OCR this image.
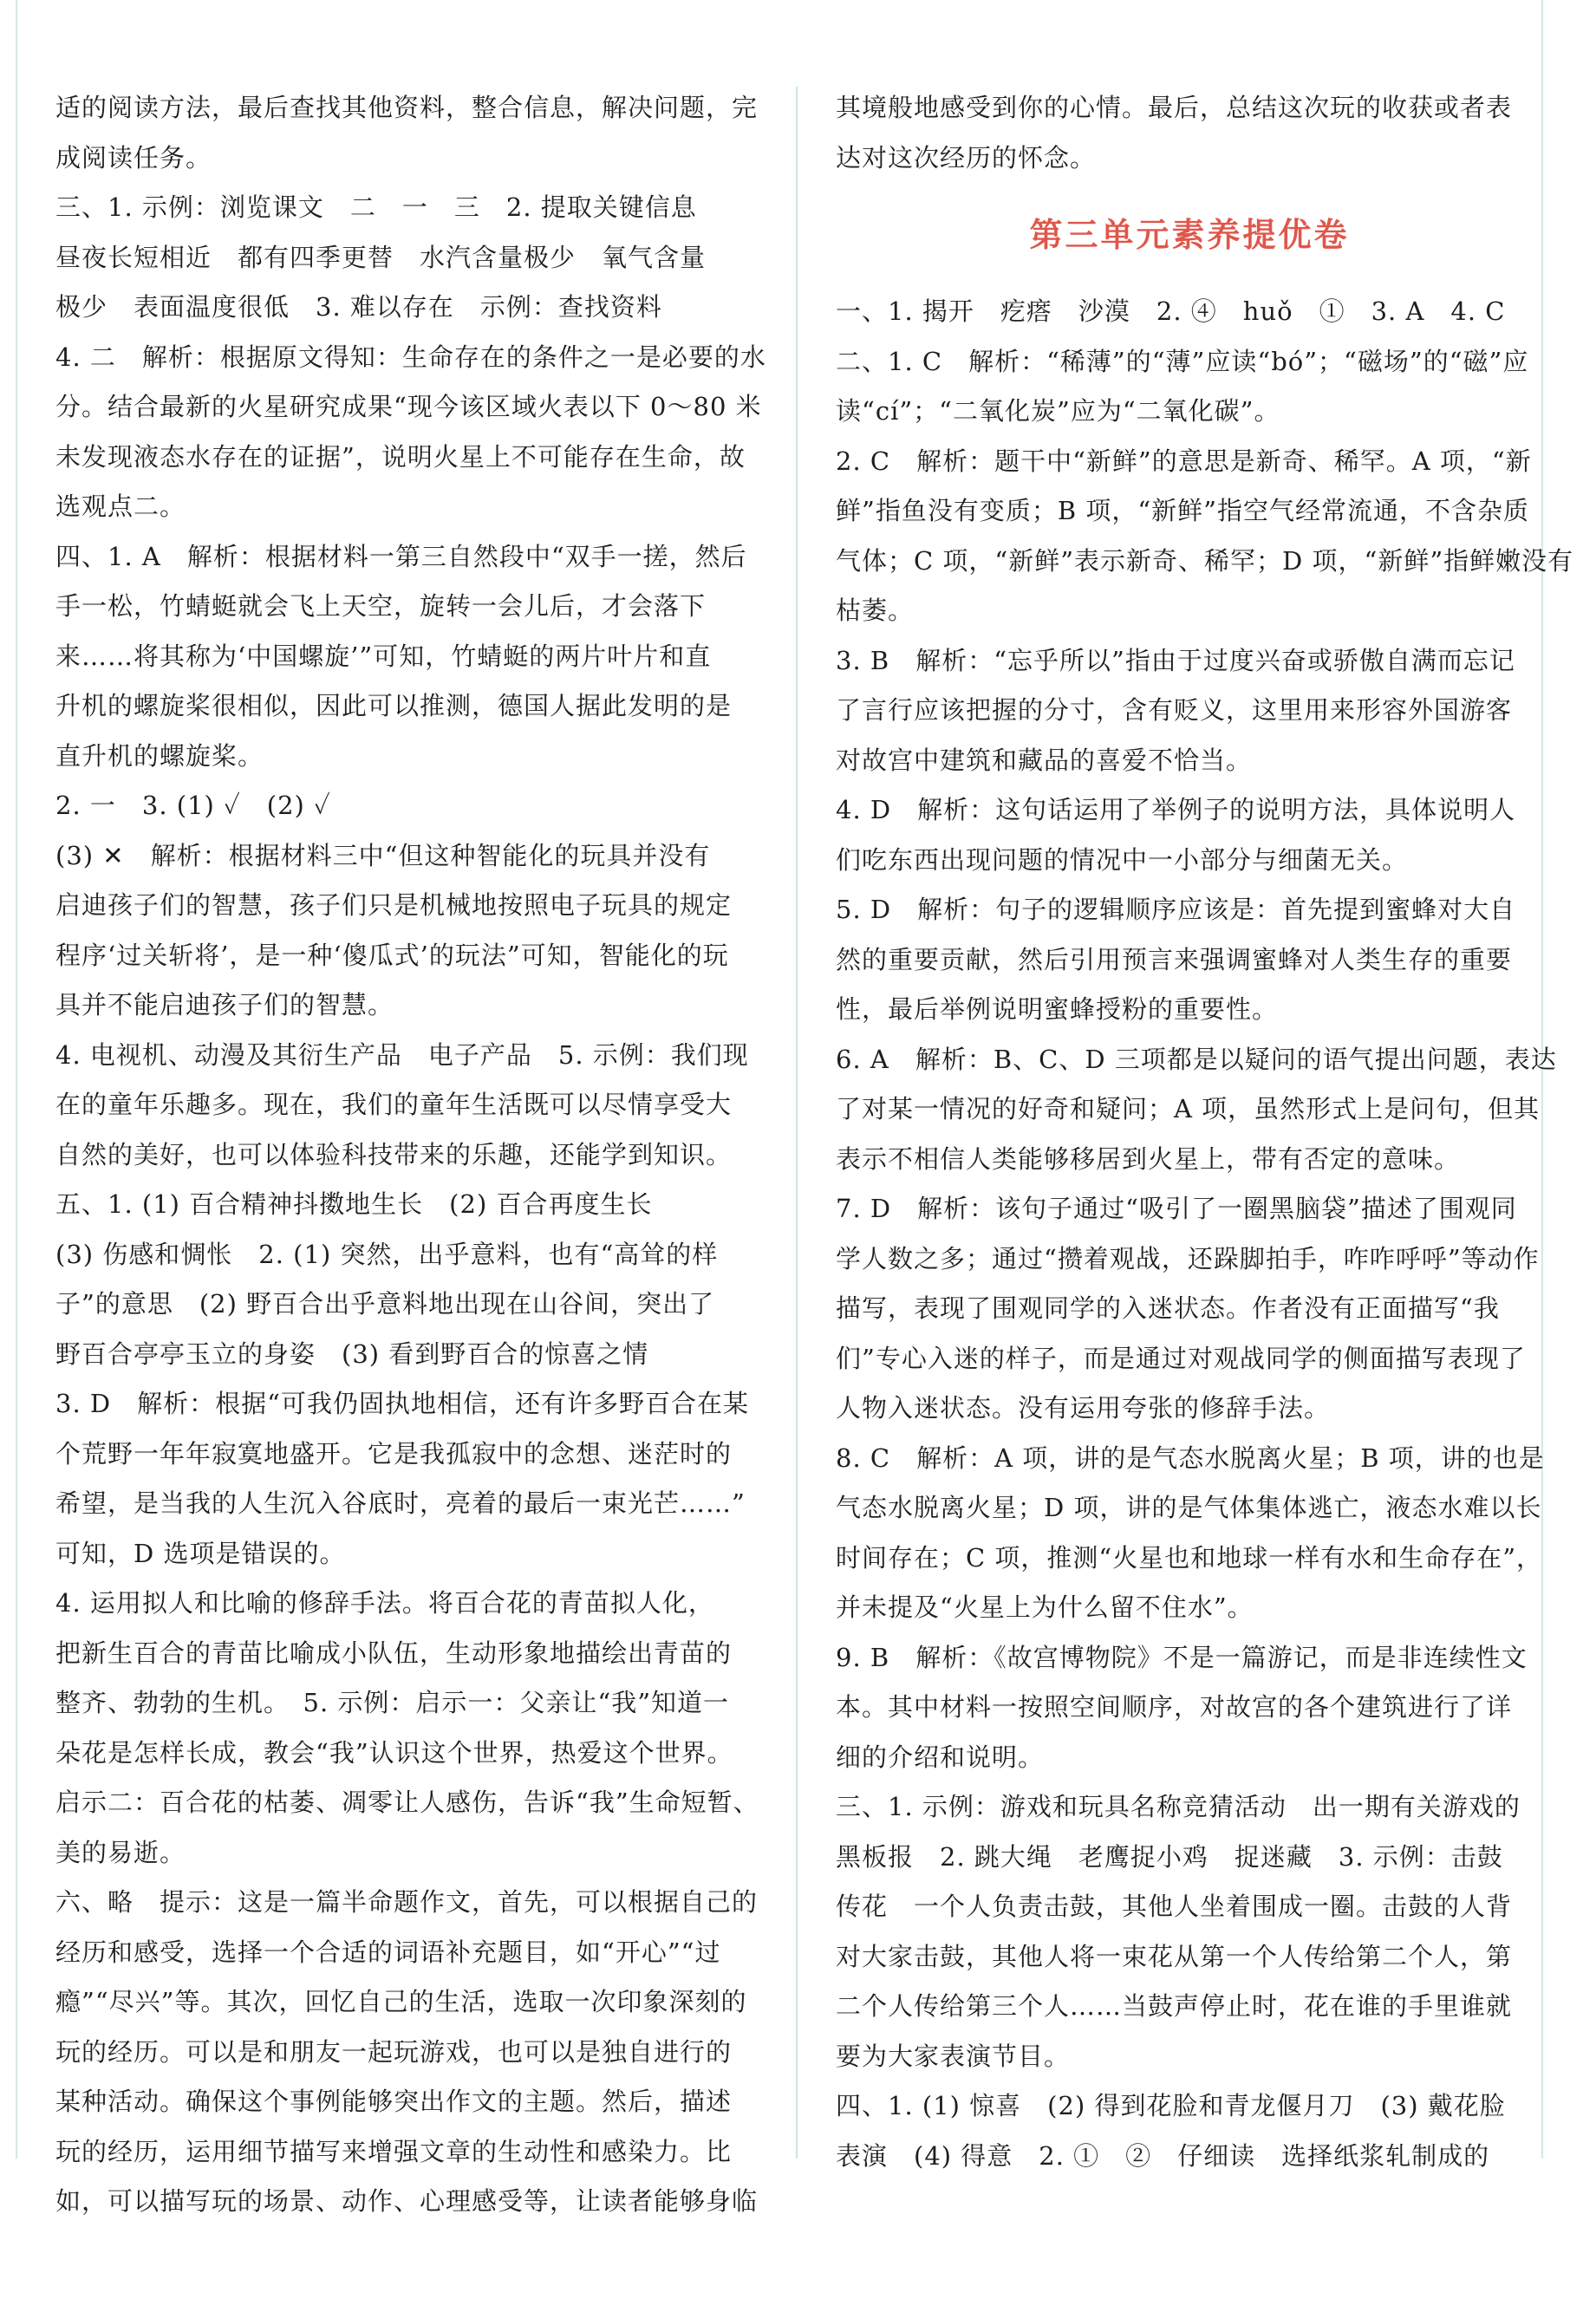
适的阅读方法，最后查找其他资料，整合信息，解决问题，完
成阅读任务。
三、1. 示例：浏览课文　二　一　三　2. 提取关键信息
昼夜长短相近　都有四季更替　水汽含量极少　氧气含量
极少　表面温度很低　3. 难以存在　示例：查找资料
4. 二　解析：根据原文得知：生命存在的条件之一是必要的水
分。结合最新的火星研究成果“现今该区域火表以下 0～80 米
未发现液态水存在的证据”，说明火星上不可能存在生命，故
选观点二。
四、1. A　解析：根据材料一第三自然段中“双手一搓，然后
手一松，竹蜻蜓就会飞上天空，旋转一会儿后，才会落下
来……将其称为‘中国螺旋’”可知，竹蜻蜓的两片叶片和直
升机的螺旋桨很相似，因此可以推测，德国人据此发明的是
直升机的螺旋桨。
2. 一　3. (1) ✓　(2) ✓
(3) ✕　解析：根据材料三中“但这种智能化的玩具并没有
启迪孩子们的智慧，孩子们只是机械地按照电子玩具的规定
程序‘过关斩将’，是一种‘傻瓜式’的玩法”可知，智能化的玩
具并不能启迪孩子们的智慧。
4. 电视机、动漫及其衍生产品　电子产品　5. 示例：我们现
在的童年乐趣多。现在，我们的童年生活既可以尽情享受大
自然的美好，也可以体验科技带来的乐趣，还能学到知识。
五、1. (1) 百合精神抖擞地生长　(2) 百合再度生长
(3) 伤感和惆怅　2. (1) 突然，出乎意料，也有“高耸的样
子”的意思　(2) 野百合出乎意料地出现在山谷间，突出了
野百合亭亭玉立的身姿　(3) 看到野百合的惊喜之情
3. D　解析：根据“可我仍固执地相信，还有许多野百合在某
个荒野一年年寂寞地盛开。它是我孤寂中的念想、迷茫时的
希望，是当我的人生沉入谷底时，亮着的最后一束光芒……”
可知，D 选项是错误的。
4. 运用拟人和比喻的修辞手法。将百合花的青苗拟人化，
把新生百合的青苗比喻成小队伍，生动形象地描绘出青苗的
整齐、勃勃的生机。　5. 示例：启示一：父亲让“我”知道一
朵花是怎样长成，教会“我”认识这个世界，热爱这个世界。
启示二：百合花的枯萎、凋零让人感伤，告诉“我”生命短暂、
美的易逝。
六、略　提示：这是一篇半命题作文，首先，可以根据自己的
经历和感受，选择一个合适的词语补充题目，如“开心”“过
瘾”“尽兴”等。其次，回忆自己的生活，选取一次印象深刻的
玩的经历。可以是和朋友一起玩游戏，也可以是独自进行的
某种活动。确保这个事例能够突出作文的主题。然后，描述
玩的经历，运用细节描写来增强文章的生动性和感染力。比
如，可以描写玩的场景、动作、心理感受等，让读者能够身临
其境般地感受到你的心情。最后，总结这次玩的收获或者表
达对这次经历的怀念。
第三单元素养提优卷
一、1. 揭开　疙瘩　沙漠　2. ④　huǒ　①　3. A　4. C
二、1. C　解析：“稀薄”的“薄”应读“bó”；“磁场”的“磁”应
读“cí”；“二氧化炭”应为“二氧化碳”。
2. C　解析：题干中“新鲜”的意思是新奇、稀罕。A 项，“新
鲜”指鱼没有变质；B 项，“新鲜”指空气经常流通，不含杂质
气体；C 项，“新鲜”表示新奇、稀罕；D 项，“新鲜”指鲜嫩没有
枯萎。
3. B　解析：“忘乎所以”指由于过度兴奋或骄傲自满而忘记
了言行应该把握的分寸，含有贬义，这里用来形容外国游客
对故宫中建筑和藏品的喜爱不恰当。
4. D　解析：这句话运用了举例子的说明方法，具体说明人
们吃东西出现问题的情况中一小部分与细菌无关。
5. D　解析：句子的逻辑顺序应该是：首先提到蜜蜂对大自
然的重要贡献，然后引用预言来强调蜜蜂对人类生存的重要
性，最后举例说明蜜蜂授粉的重要性。
6. A　解析：B、C、D 三项都是以疑问的语气提出问题，表达
了对某一情况的好奇和疑问；A 项，虽然形式上是问句，但其
表示不相信人类能够移居到火星上，带有否定的意味。
7. D　解析：该句子通过“吸引了一圈黑脑袋”描述了围观同
学人数之多；通过“攒着观战，还跺脚拍手，咋咋呼呼”等动作
描写，表现了围观同学的入迷状态。作者没有正面描写“我
们”专心入迷的样子，而是通过对观战同学的侧面描写表现了
人物入迷状态。没有运用夸张的修辞手法。
8. C　解析：A 项，讲的是气态水脱离火星；B 项，讲的也是
气态水脱离火星；D 项，讲的是气体集体逃亡，液态水难以长
时间存在；C 项，推测“火星也和地球一样有水和生命存在”，
并未提及“火星上为什么留不住水”。
9. B　解析：《故宫博物院》不是一篇游记，而是非连续性文
本。其中材料一按照空间顺序，对故宫的各个建筑进行了详
细的介绍和说明。
三、1. 示例：游戏和玩具名称竞猜活动　出一期有关游戏的
黑板报　2. 跳大绳　老鹰捉小鸡　捉迷藏　3. 示例：击鼓
传花　一个人负责击鼓，其他人坐着围成一圈。击鼓的人背
对大家击鼓，其他人将一束花从第一个人传给第二个人，第
二个人传给第三个人……当鼓声停止时，花在谁的手里谁就
要为大家表演节目。
四、1. (1) 惊喜　(2) 得到花脸和青龙偃月刀　(3) 戴花脸
表演　(4) 得意　2. ①　②　仔细读　选择纸浆轧制成的
